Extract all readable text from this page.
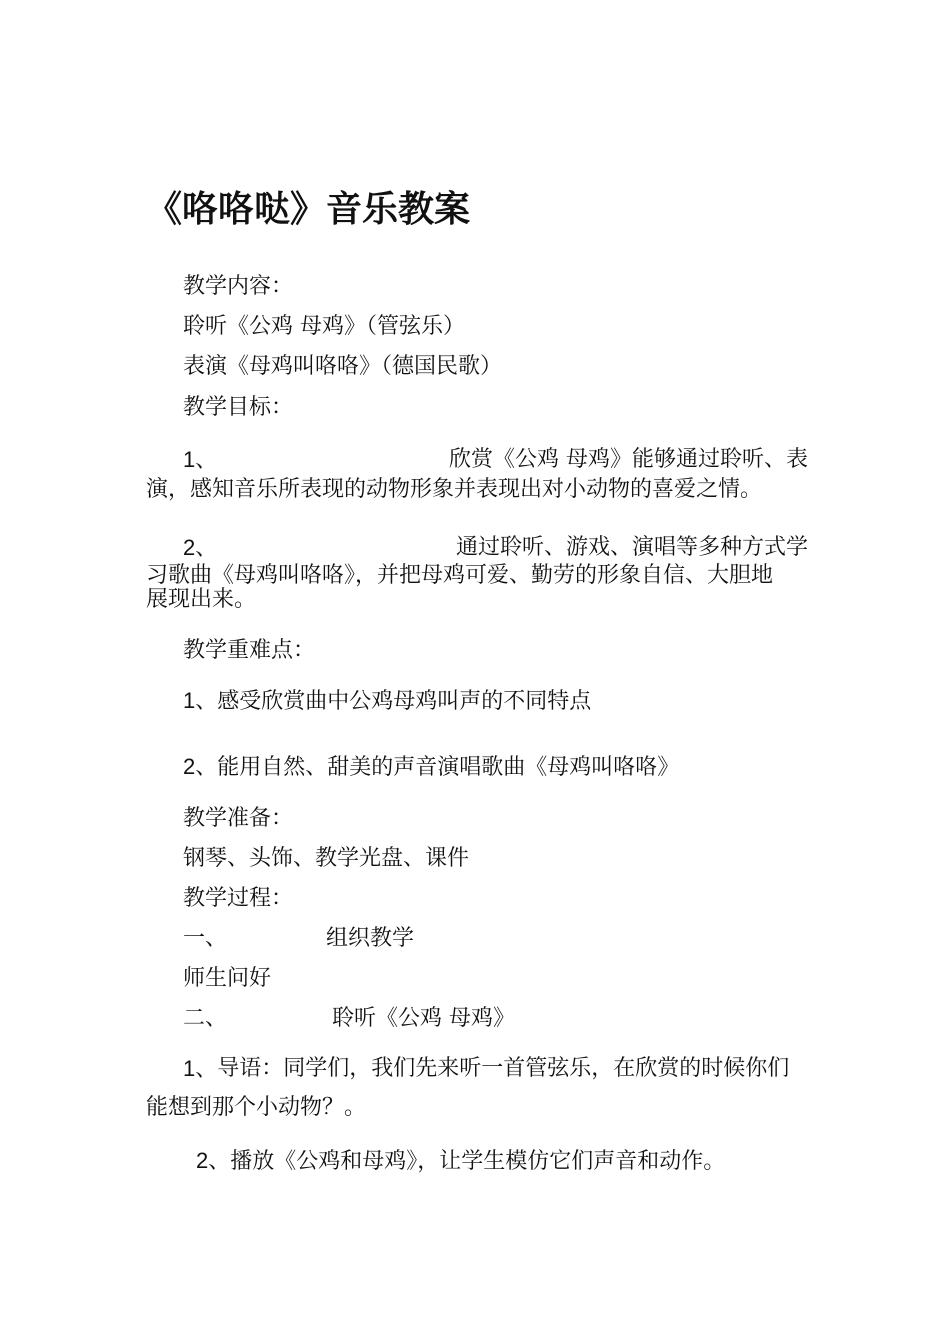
《咯咯哒》音乐教案
教学内容：
聆听《公鸡 母鸡》（管弦乐）
表演《母鸡叫咯咯》（德国民歌）
教学目标：
1、	欣赏《公鸡 母鸡》能够通过聆听、表
演，感知音乐所表现的动物形象并表现出对小动物的喜爱之情。
2、	通过聆听、游戏、演唱等多种方式学
习歌曲《母鸡叫咯咯》，并把母鸡可爱、勤劳的形象自信、大胆地
展现出来。
教学重难点：
1、感受欣赏曲中公鸡母鸡叫声的不同特点
2、能用自然、甜美的声音演唱歌曲《母鸡叫咯咯》
教学准备：
钢琴、头饰、教学光盘、课件
教学过程：
一、	组织教学
师生问好
二、	聆听《公鸡 母鸡》
1、 导语：同学们，我们先来听一首管弦乐，在欣赏的时候你们
能想到那个小动物？。
2、播放《公鸡和母鸡》，让学生模仿它们声音和动作。
